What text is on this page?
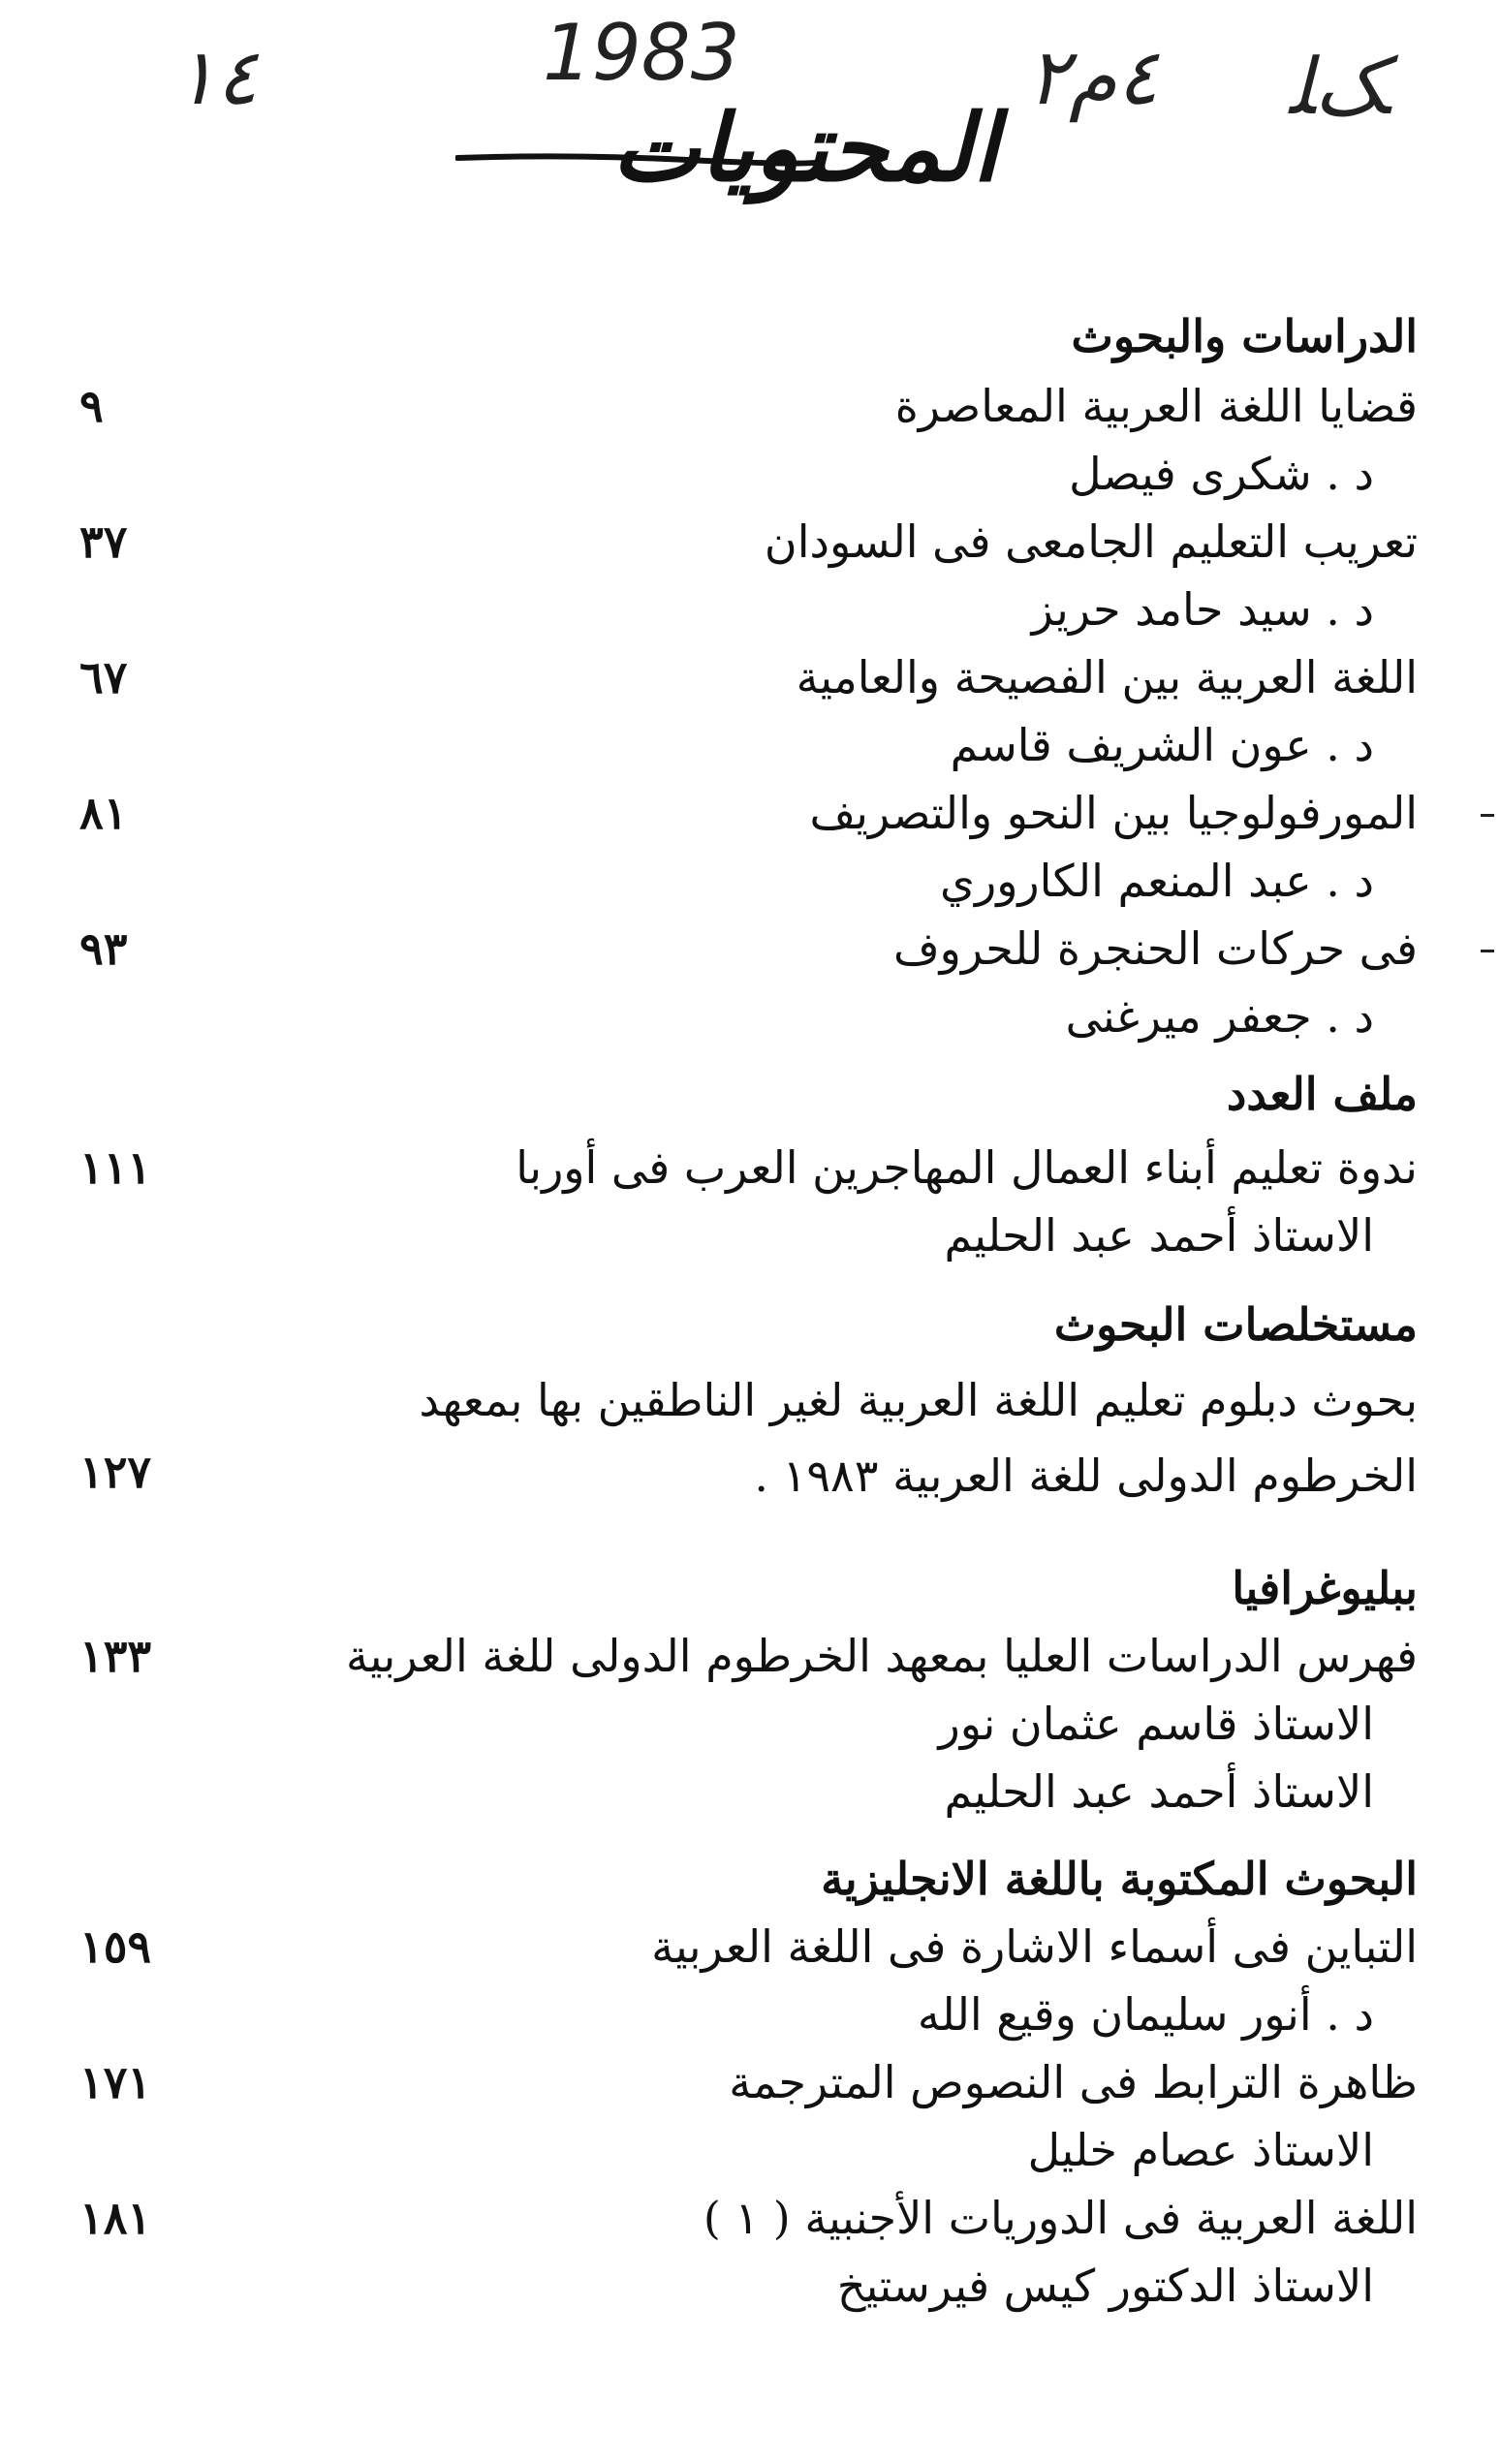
١٤	1983	٤م٢ ﮏﻠ
المحتويات
الدراسات والبحوث
قضايا اللغة العربية المعاصرة
٩
د . شكرى فيصل
تعريب التعليم الجامعى فى السودان
٣٧
د . سيد حامد حريز
اللغة العربية بين الفصيحة والعامية
٦٧
د . عون الشريف قاسم
المورفولوجيا بين النحو والتصريف
٨١
د . عبد المنعم الكاروري
فى حركات الحنجرة للحروف
٩٣
د . جعفر ميرغنى
ملف العدد
ندوة تعليم أبناء العمال المهاجرين العرب فى أوربا
١١١
الاستاذ أحمد عبد الحليم
مستخلصات البحوث
بحوث دبلوم تعليم اللغة العربية لغير الناطقين بها بمعهد الخرطوم الدولى للغة العربية ١٩٨٣ .
١٢٧
ببليوغرافيا
فهرس الدراسات العليا بمعهد الخرطوم الدولى للغة العربية
١٣٣
الاستاذ قاسم عثمان نور
الاستاذ أحمد عبد الحليم
البحوث المكتوبة باللغة الانجليزية
التباين فى أسماء الاشارة فى اللغة العربية
١٥٩
د . أنور سليمان وقيع الله
ظاهرة الترابط فى النصوص المترجمة
١٧١
الاستاذ عصام خليل
اللغة العربية فى الدوريات الأجنبية ( ١ )
١٨١
الاستاذ الدكتور كيس فيرستيخ
